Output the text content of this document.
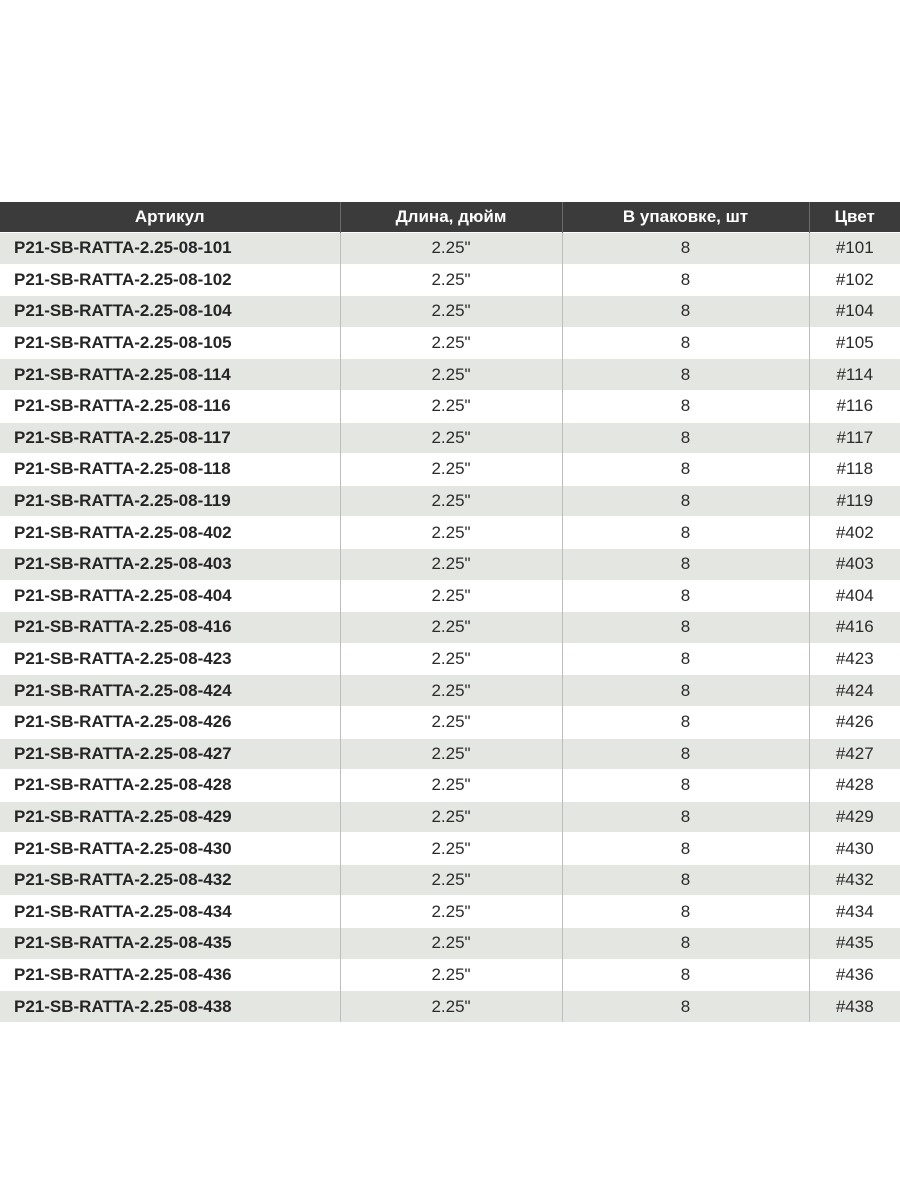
Артикул	Длина, дюйм	В упаковке, шт	Цвет
P21-SB-RATTA-2.25-08-101	2.25"	8	#101
P21-SB-RATTA-2.25-08-102	2.25"	8	#102
P21-SB-RATTA-2.25-08-104	2.25"	8	#104
P21-SB-RATTA-2.25-08-105	2.25"	8	#105
P21-SB-RATTA-2.25-08-114	2.25"	8	#114
P21-SB-RATTA-2.25-08-116	2.25"	8	#116
P21-SB-RATTA-2.25-08-117	2.25"	8	#117
P21-SB-RATTA-2.25-08-118	2.25"	8	#118
P21-SB-RATTA-2.25-08-119	2.25"	8	#119
P21-SB-RATTA-2.25-08-402	2.25"	8	#402
P21-SB-RATTA-2.25-08-403	2.25"	8	#403
P21-SB-RATTA-2.25-08-404	2.25"	8	#404
P21-SB-RATTA-2.25-08-416	2.25"	8	#416
P21-SB-RATTA-2.25-08-423	2.25"	8	#423
P21-SB-RATTA-2.25-08-424	2.25"	8	#424
P21-SB-RATTA-2.25-08-426	2.25"	8	#426
P21-SB-RATTA-2.25-08-427	2.25"	8	#427
P21-SB-RATTA-2.25-08-428	2.25"	8	#428
P21-SB-RATTA-2.25-08-429	2.25"	8	#429
P21-SB-RATTA-2.25-08-430	2.25"	8	#430
P21-SB-RATTA-2.25-08-432	2.25"	8	#432
P21-SB-RATTA-2.25-08-434	2.25"	8	#434
P21-SB-RATTA-2.25-08-435	2.25"	8	#435
P21-SB-RATTA-2.25-08-436	2.25"	8	#436
P21-SB-RATTA-2.25-08-438	2.25"	8	#438
